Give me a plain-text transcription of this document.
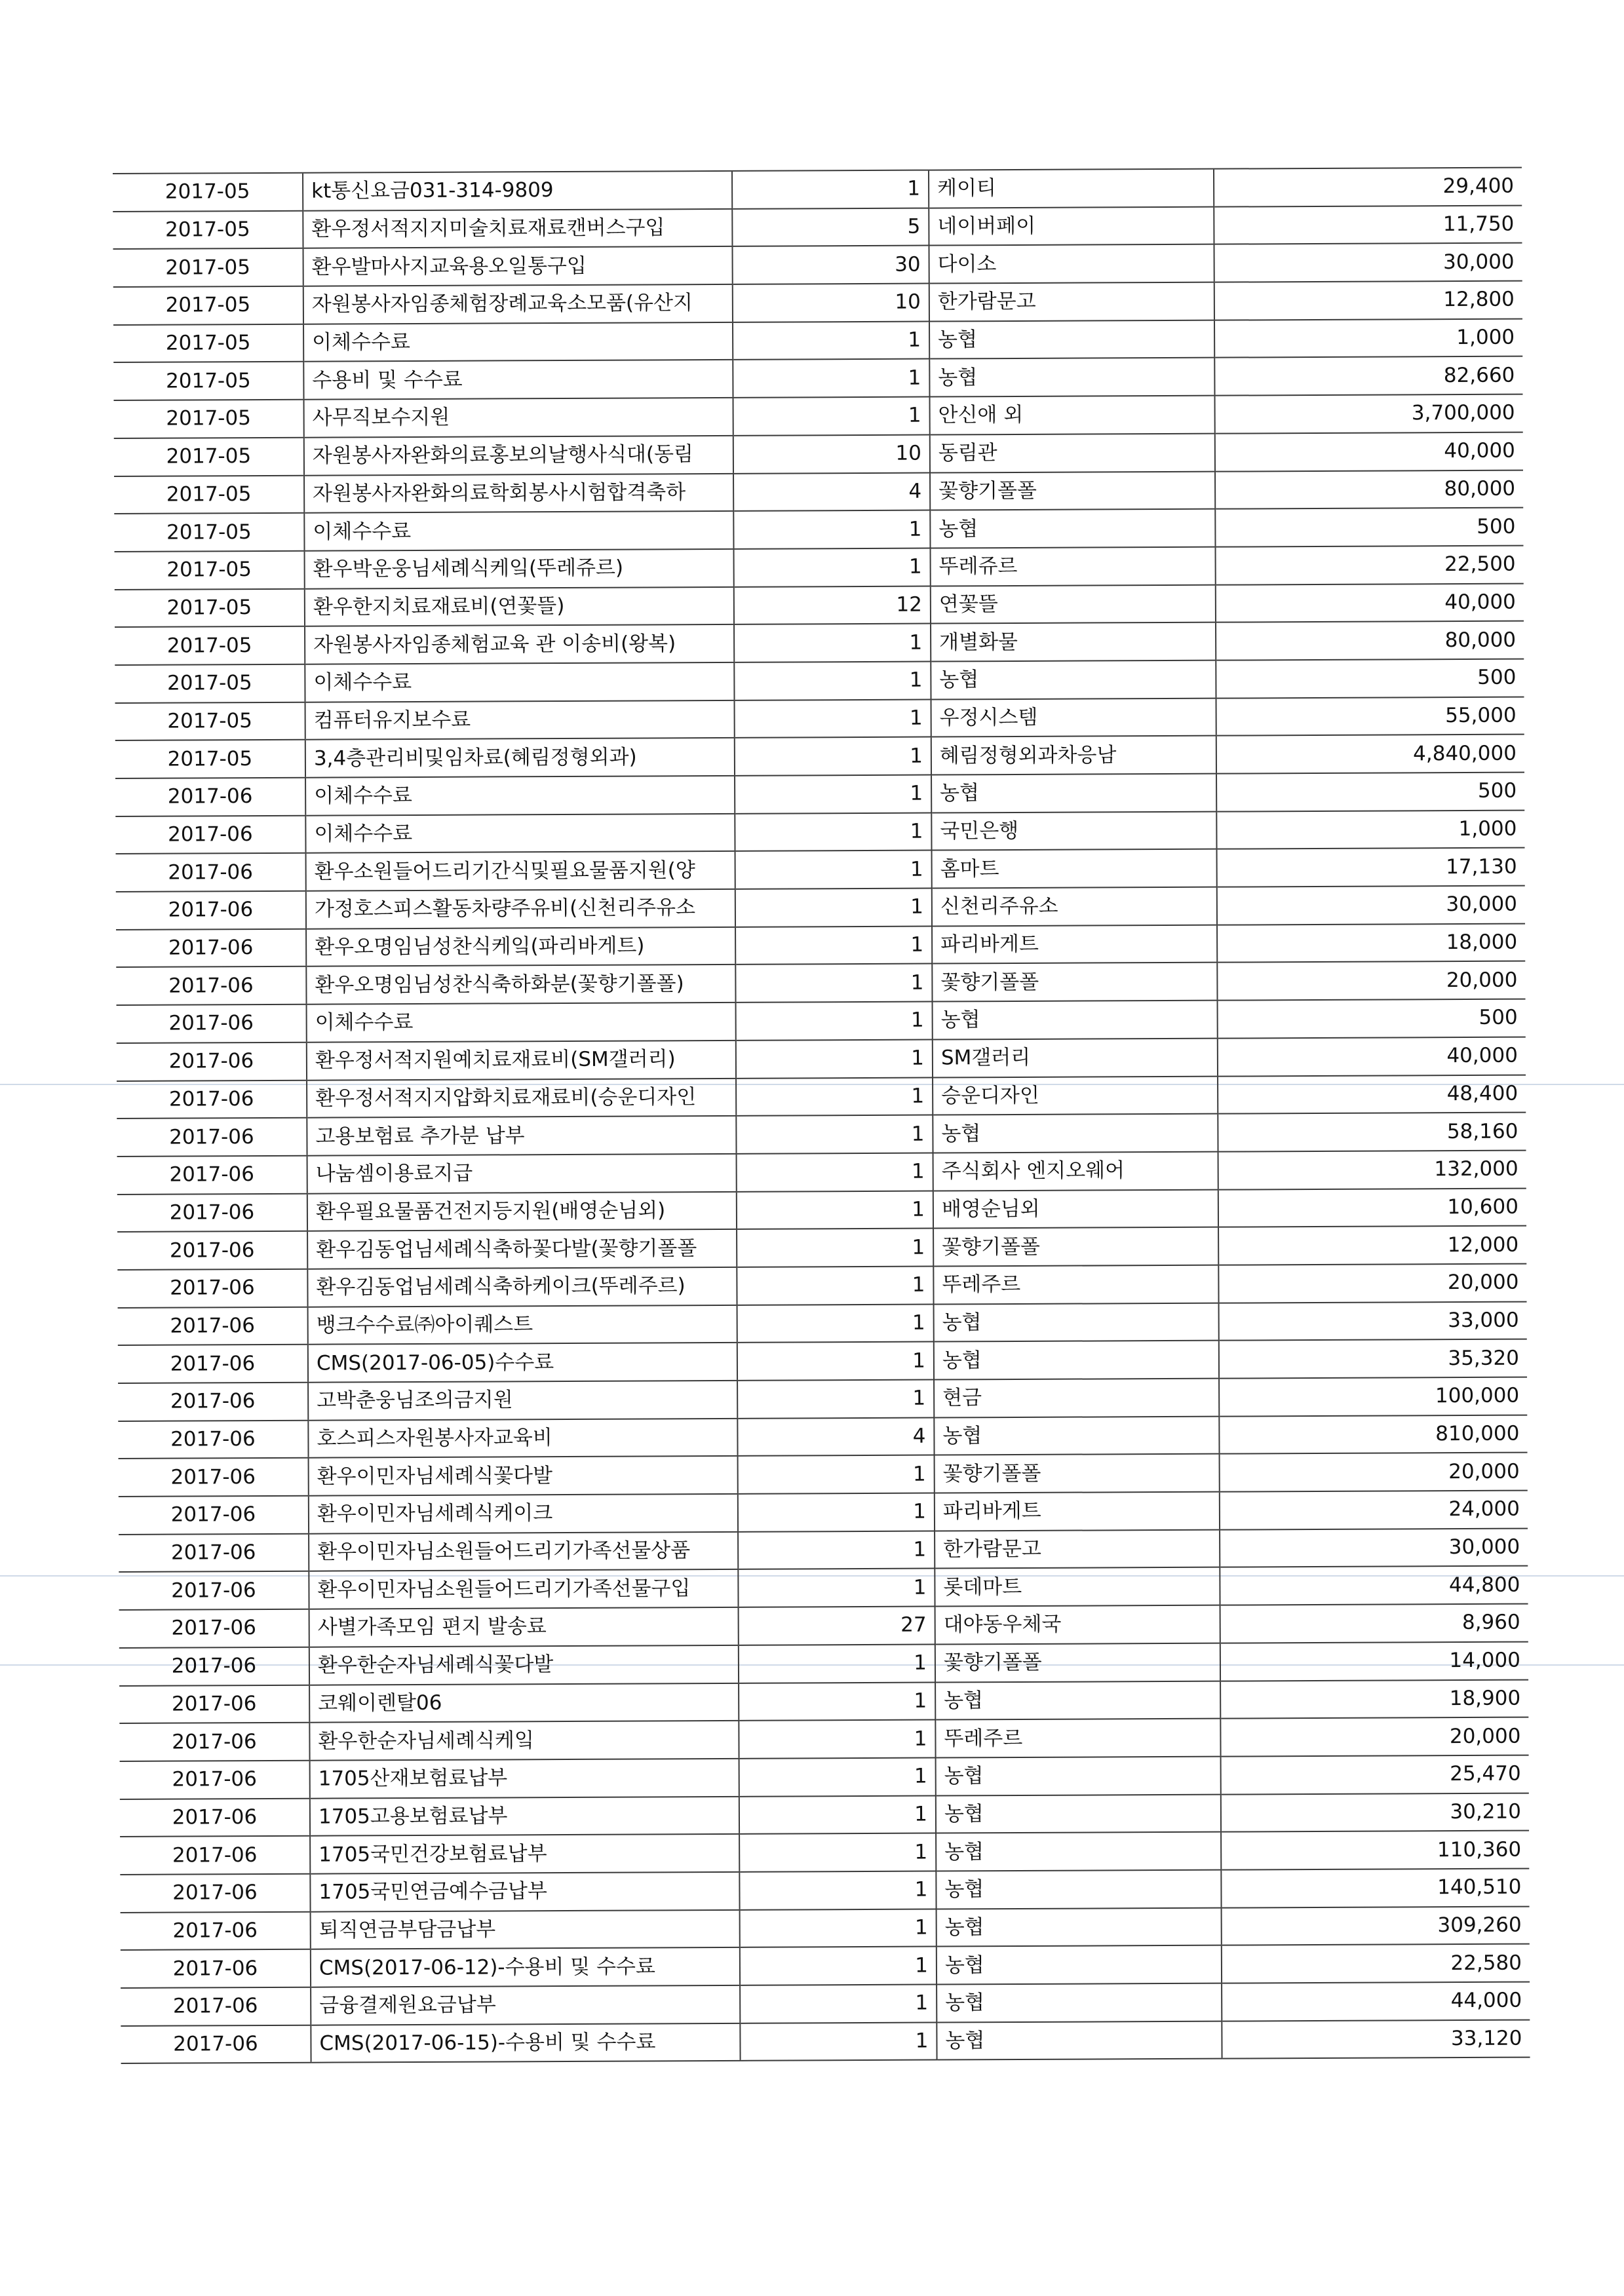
2017-05	kt통신요금031-314-9809	1	케이티	29,400
2017-05	환우정서적지지미술치료재료캔버스구입	5	네이버페이	11,750
2017-05	환우발마사지교육용오일통구입	30	다이소	30,000
2017-05	자원봉사자임종체험장례교육소모품(유산지	10	한가람문고	12,800
2017-05	이체수수료	1	농협	1,000
2017-05	수용비 및 수수료	1	농협	82,660
2017-05	사무직보수지원	1	안신애 외	3,700,000
2017-05	자원봉사자완화의료홍보의날행사식대(동림	10	동림관	40,000
2017-05	자원봉사자완화의료학회봉사시험합격축하	4	꽃향기폴폴	80,000
2017-05	이체수수료	1	농협	500
2017-05	환우박운웅님세례식케잌(뚜레쥬르)	1	뚜레쥬르	22,500
2017-05	환우한지치료재료비(연꽃뜰)	12	연꽃뜰	40,000
2017-05	자원봉사자임종체험교육 관 이송비(왕복)	1	개별화물	80,000
2017-05	이체수수료	1	농협	500
2017-05	컴퓨터유지보수료	1	우정시스템	55,000
2017-05	3,4층관리비및임차료(혜림정형외과)	1	혜림정형외과차응남	4,840,000
2017-06	이체수수료	1	농협	500
2017-06	이체수수료	1	국민은행	1,000
2017-06	환우소원들어드리기간식및필요물품지원(양	1	홈마트	17,130
2017-06	가정호스피스활동차량주유비(신천리주유소	1	신천리주유소	30,000
2017-06	환우오명임님성찬식케잌(파리바게트)	1	파리바게트	18,000
2017-06	환우오명임님성찬식축하화분(꽃향기폴폴)	1	꽃향기폴폴	20,000
2017-06	이체수수료	1	농협	500
2017-06	환우정서적지원예치료재료비(SM갤러리)	1	SM갤러리	40,000
2017-06	환우정서적지지압화치료재료비(승운디자인	1	승운디자인	48,400
2017-06	고용보험료 추가분 납부	1	농협	58,160
2017-06	나눔셈이용료지급	1	주식회사 엔지오웨어	132,000
2017-06	환우필요물품건전지등지원(배영순님외)	1	배영순님외	10,600
2017-06	환우김동업님세례식축하꽃다발(꽃향기폴폴	1	꽃향기폴폴	12,000
2017-06	환우김동업님세례식축하케이크(뚜레주르)	1	뚜레주르	20,000
2017-06	뱅크수수료㈜아이퀘스트	1	농협	33,000
2017-06	CMS(2017-06-05)수수료	1	농협	35,320
2017-06	고박춘웅님조의금지원	1	현금	100,000
2017-06	호스피스자원봉사자교육비	4	농협	810,000
2017-06	환우이민자님세례식꽃다발	1	꽃향기폴폴	20,000
2017-06	환우이민자님세례식케이크	1	파리바게트	24,000
2017-06	환우이민자님소원들어드리기가족선물상품	1	한가람문고	30,000
2017-06	환우이민자님소원들어드리기가족선물구입	1	롯데마트	44,800
2017-06	사별가족모임 편지 발송료	27	대야동우체국	8,960
2017-06	환우한순자님세례식꽃다발	1	꽃향기폴폴	14,000
2017-06	코웨이렌탈06	1	농협	18,900
2017-06	환우한순자님세례식케잌	1	뚜레주르	20,000
2017-06	1705산재보험료납부	1	농협	25,470
2017-06	1705고용보험료납부	1	농협	30,210
2017-06	1705국민건강보험료납부	1	농협	110,360
2017-06	1705국민연금예수금납부	1	농협	140,510
2017-06	퇴직연금부담금납부	1	농협	309,260
2017-06	CMS(2017-06-12)-수용비 및 수수료	1	농협	22,580
2017-06	금융결제원요금납부	1	농협	44,000
2017-06	CMS(2017-06-15)-수용비 및 수수료	1	농협	33,120
